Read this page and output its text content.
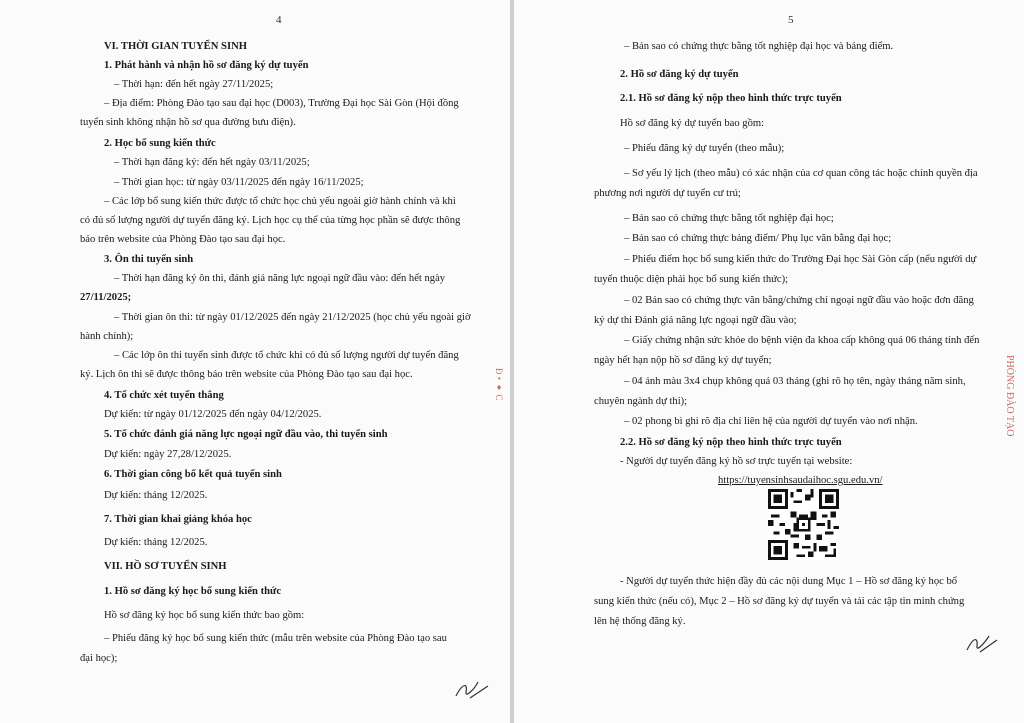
4
VI. THỜI GIAN TUYỂN SINH
1. Phát hành và nhận hồ sơ đăng ký dự tuyển
– Thời hạn: đến hết ngày 27/11/2025;
– Địa điểm: Phòng Đào tạo sau đại học (D003), Trường Đại học Sài Gòn (Hội đồng
tuyển sinh không nhận hồ sơ qua đường bưu điện).
2. Học bổ sung kiến thức
– Thời hạn đăng ký: đến hết ngày 03/11/2025;
– Thời gian học: từ ngày 03/11/2025 đến ngày 16/11/2025;
– Các lớp bổ sung kiến thức được tổ chức học chủ yếu ngoài giờ hành chính và khi
có đủ số lượng người dự tuyển đăng ký. Lịch học cụ thể của từng học phần sẽ được thông
báo trên website của Phòng Đào tạo sau đại học.
3. Ôn thi tuyển sinh
– Thời hạn đăng ký ôn thi, đánh giá năng lực ngoại ngữ đầu vào: đến hết ngày
27/11/2025;
– Thời gian ôn thi: từ ngày 01/12/2025 đến ngày 21/12/2025 (học chủ yếu ngoài giờ
hành chính);
– Các lớp ôn thi tuyển sinh được tổ chức khi có đủ số lượng người dự tuyển đăng
ký. Lịch ôn thi sẽ được thông báo trên website của Phòng Đào tạo sau đại học.
4. Tổ chức xét tuyển thẳng
Dự kiến: từ ngày 01/12/2025 đến ngày 04/12/2025.
5. Tổ chức đánh giá năng lực ngoại ngữ đầu vào, thi tuyển sinh
Dự kiến: ngày 27,28/12/2025.
6. Thời gian công bố kết quả tuyển sinh
Dự kiến: tháng 12/2025.
7. Thời gian khai giảng khóa học
Dự kiến: tháng 12/2025.
VII. HỒ SƠ TUYỂN SINH
1. Hồ sơ đăng ký học bổ sung kiến thức
Hồ sơ đăng ký học bổ sung kiến thức bao gồm:
– Phiếu đăng ký học bổ sung kiến thức (mẫu trên website của Phòng Đào tạo sau
đại học);
Đ • ♦ C
5
– Bản sao có chứng thực bằng tốt nghiệp đại học và bảng điểm.
2. Hồ sơ đăng ký dự tuyển
2.1. Hồ sơ đăng ký nộp theo hình thức trực tuyến
Hồ sơ đăng ký dự tuyển bao gồm:
– Phiếu đăng ký dự tuyển (theo mẫu);
– Sơ yếu lý lịch (theo mẫu) có xác nhận của cơ quan công tác hoặc chính quyền địa
phương nơi người dự tuyển cư trú;
– Bản sao có chứng thực bằng tốt nghiệp đại học;
– Bản sao có chứng thực bảng điểm/ Phụ lục văn bằng đại học;
– Phiếu điểm học bổ sung kiến thức do Trường Đại học Sài Gòn cấp (nếu người dự
tuyển thuộc diện phải học bổ sung kiến thức);
– 02 Bản sao có chứng thực văn bằng/chứng chỉ ngoại ngữ đầu vào hoặc đơn đăng
ký dự thi Đánh giá năng lực ngoại ngữ đầu vào;
– Giấy chứng nhận sức khỏe do bệnh viện đa khoa cấp không quá 06 tháng tính đến
ngày hết hạn nộp hồ sơ đăng ký dự tuyển;
– 04 ảnh màu 3x4 chụp không quá 03 tháng (ghi rõ họ tên, ngày tháng năm sinh,
chuyên ngành dự thi);
– 02 phong bì ghi rõ địa chỉ liên hệ của người dự tuyển vào nơi nhận.
2.2. Hồ sơ đăng ký nộp theo hình thức trực tuyến
- Người dự tuyển đăng ký hồ sơ trực tuyến tại website:
https://tuyensinhsaudaihoc.sgu.edu.vn/
- Người dự tuyển thức hiện đầy đủ các nội dung Mục 1 – Hồ sơ đăng ký học bổ
sung kiến thức (nếu có), Mục 2 – Hồ sơ đăng ký dự tuyển và tải các tập tin minh chứng
lên hệ thống đăng ký.
PHÒNG ĐÀO TẠO
